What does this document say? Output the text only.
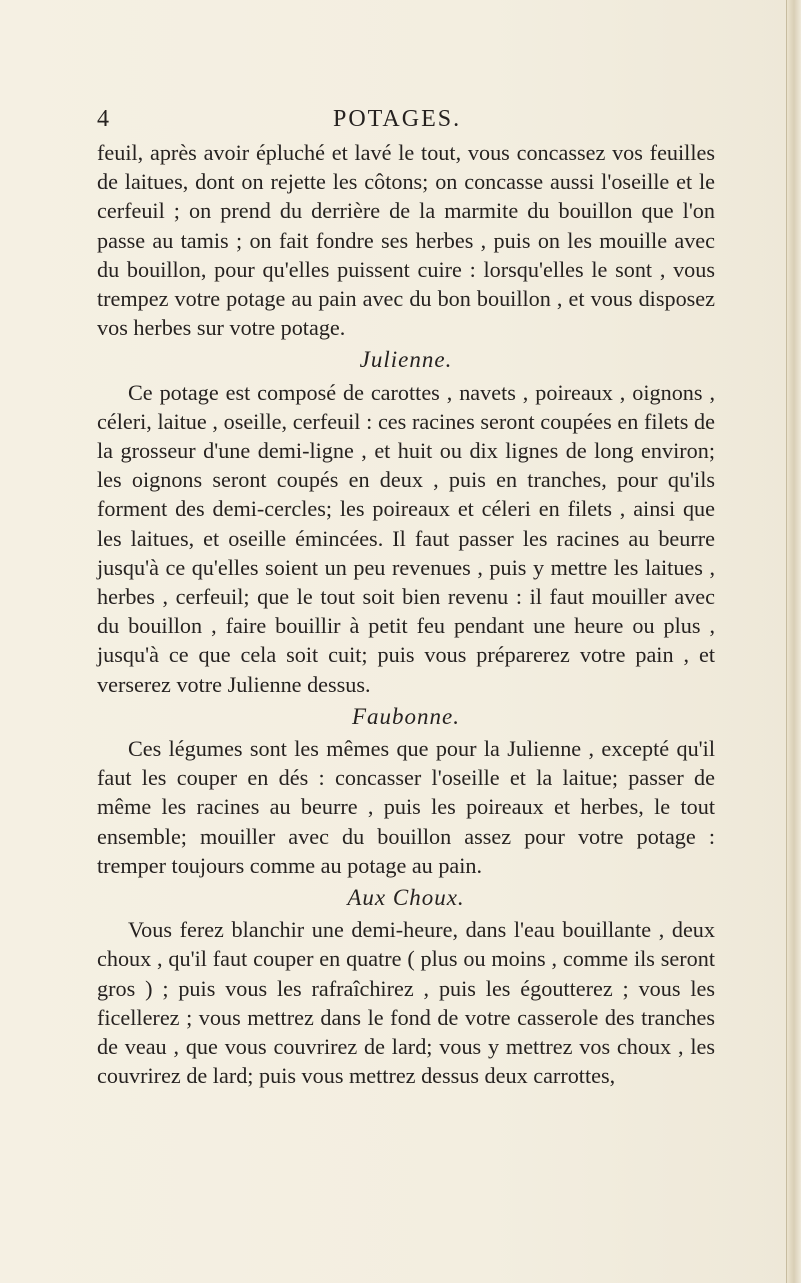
4	POTAGES.

feuil, après avoir épluché et lavé le tout, vous concassez vos feuilles de laitues, dont on rejette les côtons; on concasse aussi l'oseille et le cerfeuil ; on prend du derrière de la marmite du bouillon que l'on passe au tamis ; on fait fondre ses herbes , puis on les mouille avec du bouillon, pour qu'elles puissent cuire : lorsqu'elles le sont , vous trempez votre potage au pain avec du bon bouillon , et vous disposez vos herbes sur votre potage.

Julienne.

Ce potage est composé de carottes , navets , poireaux , oignons , céleri, laitue , oseille, cerfeuil : ces racines seront coupées en filets de la grosseur d'une demi-ligne , et huit ou dix lignes de long environ; les oignons seront coupés en deux , puis en tranches, pour qu'ils forment des demi-cercles; les poireaux et céleri en filets , ainsi que les laitues, et oseille émincées. Il faut passer les racines au beurre jusqu'à ce qu'elles soient un peu revenues , puis y mettre les laitues , herbes , cerfeuil; que le tout soit bien revenu : il faut mouiller avec du bouillon , faire bouillir à petit feu pendant une heure ou plus , jusqu'à ce que cela soit cuit; puis vous préparerez votre pain , et verserez votre Julienne dessus.

Faubonne.

Ces légumes sont les mêmes que pour la Julienne , excepté qu'il faut les couper en dés : concasser l'oseille et la laitue; passer de même les racines au beurre , puis les poireaux et herbes, le tout ensemble; mouiller avec du bouillon assez pour votre potage : tremper toujours comme au potage au pain.

Aux Choux.

Vous ferez blanchir une demi-heure, dans l'eau bouillante , deux choux , qu'il faut couper en quatre ( plus ou moins , comme ils seront gros ) ; puis vous les rafraîchirez , puis les égoutterez ; vous les ficellerez ; vous mettrez dans le fond de votre casserole des tranches de veau , que vous couvrirez de lard; vous y mettrez vos choux , les couvrirez de lard; puis vous mettrez dessus deux carrottes,
